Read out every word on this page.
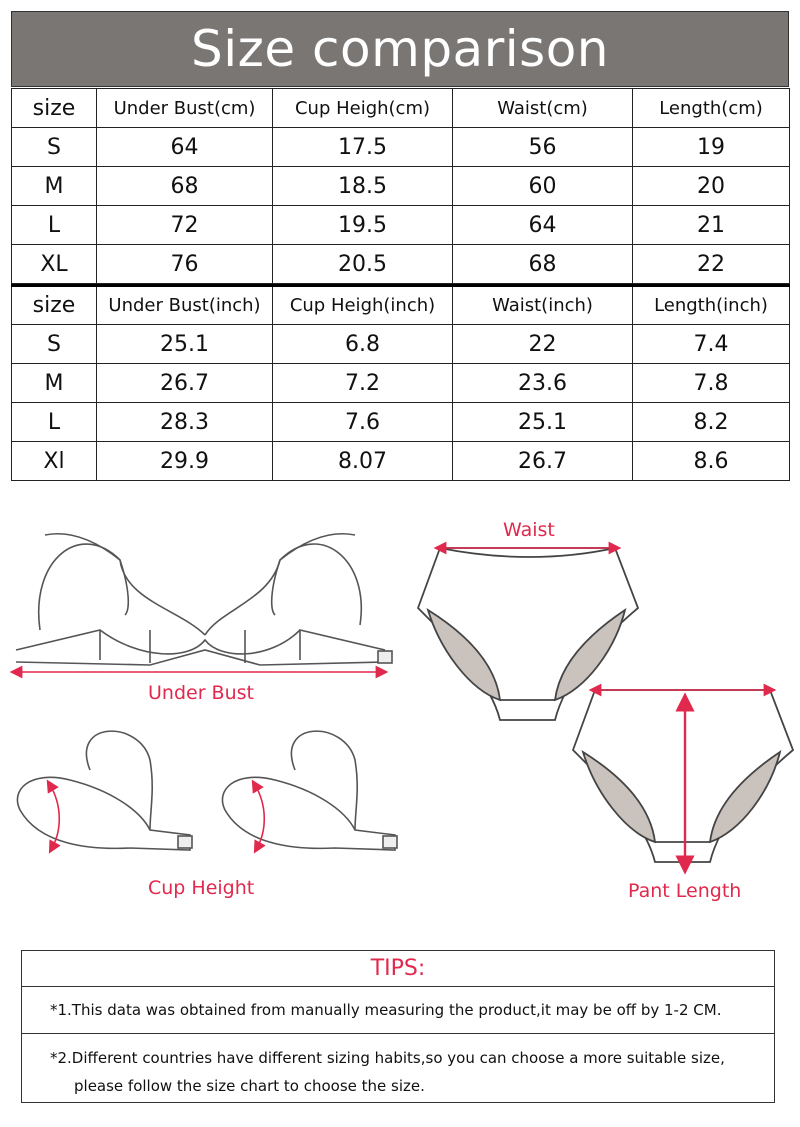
Size comparison
size	Under Bust(cm)	Cup Heigh(cm)	Waist(cm)	Length(cm)
S	64	17.5	56	19
M	68	18.5	60	20
L	72	19.5	64	21
XL	76	20.5	68	22
size	Under Bust(inch)	Cup Heigh(inch)	Waist(inch)	Length(inch)
S	25.1	6.8	22	7.4
M	26.7	7.2	23.6	7.8
L	28.3	7.6	25.1	8.2
Xl	29.9	8.07	26.7	8.6
Under Bust
Cup Height
Waist
Pant Length
TIPS:
*1.This data was obtained from manually measuring the product,it may be off by 1-2 CM.
*2.Different countries have different sizing habits,so you can choose a more suitable size,
please follow the size chart to choose the size.
